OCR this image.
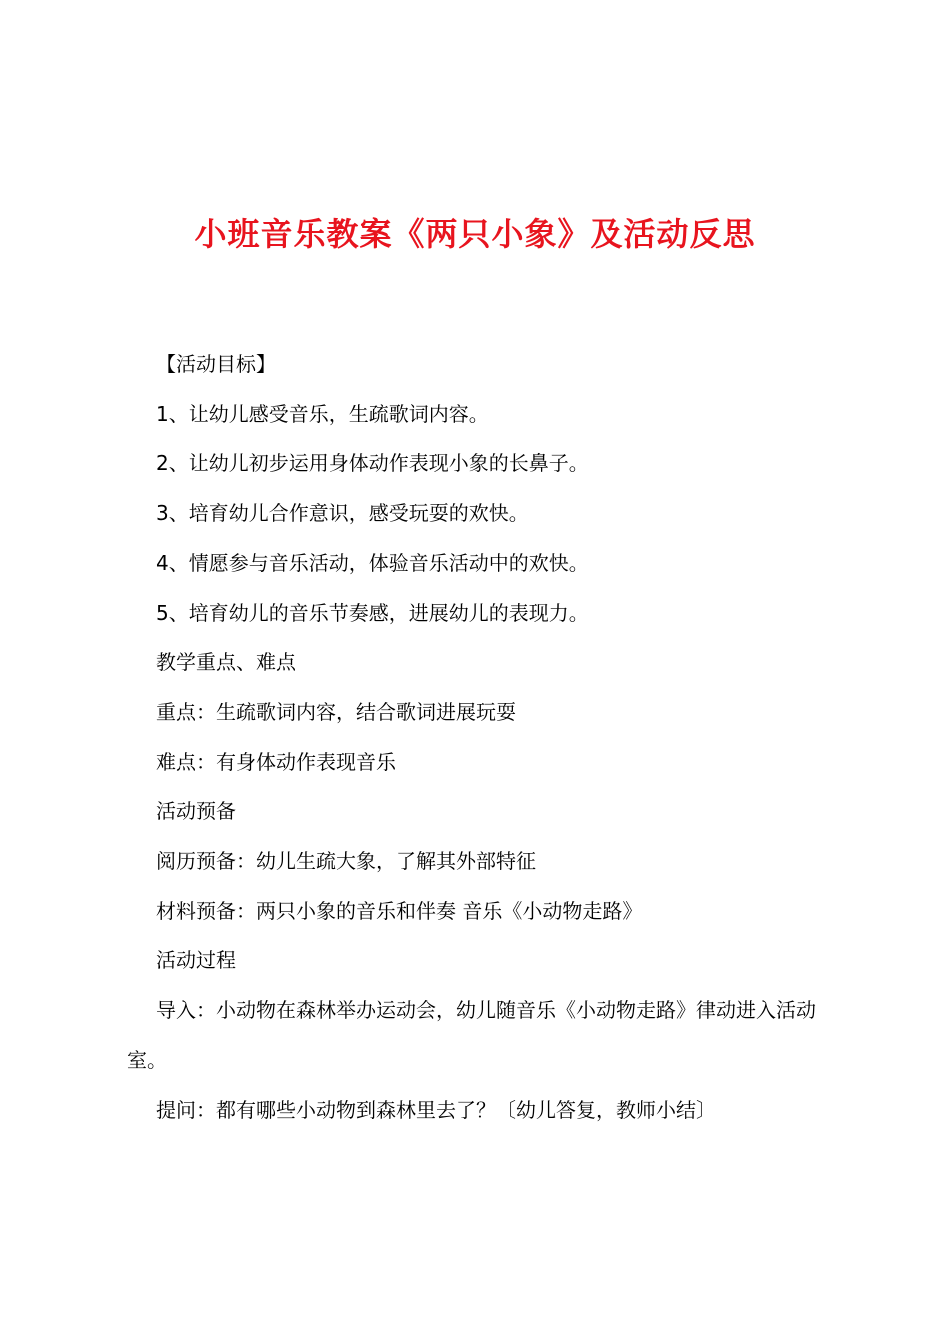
小班音乐教案《两只小象》及活动反思

【活动目标】

1、让幼儿感受音乐，生疏歌词内容。

2、让幼儿初步运用身体动作表现小象的长鼻子。

3、培育幼儿合作意识，感受玩耍的欢快。

4、情愿参与音乐活动，体验音乐活动中的欢快。

5、培育幼儿的音乐节奏感，进展幼儿的表现力。

教学重点、难点

重点：生疏歌词内容，结合歌词进展玩耍

难点：有身体动作表现音乐

活动预备

阅历预备：幼儿生疏大象，了解其外部特征

材料预备：两只小象的音乐和伴奏 音乐《小动物走路》

活动过程

导入：小动物在森林举办运动会，幼儿随音乐《小动物走路》律动进入活动室。

提问：都有哪些小动物到森林里去了？〔幼儿答复，教师小结〕
